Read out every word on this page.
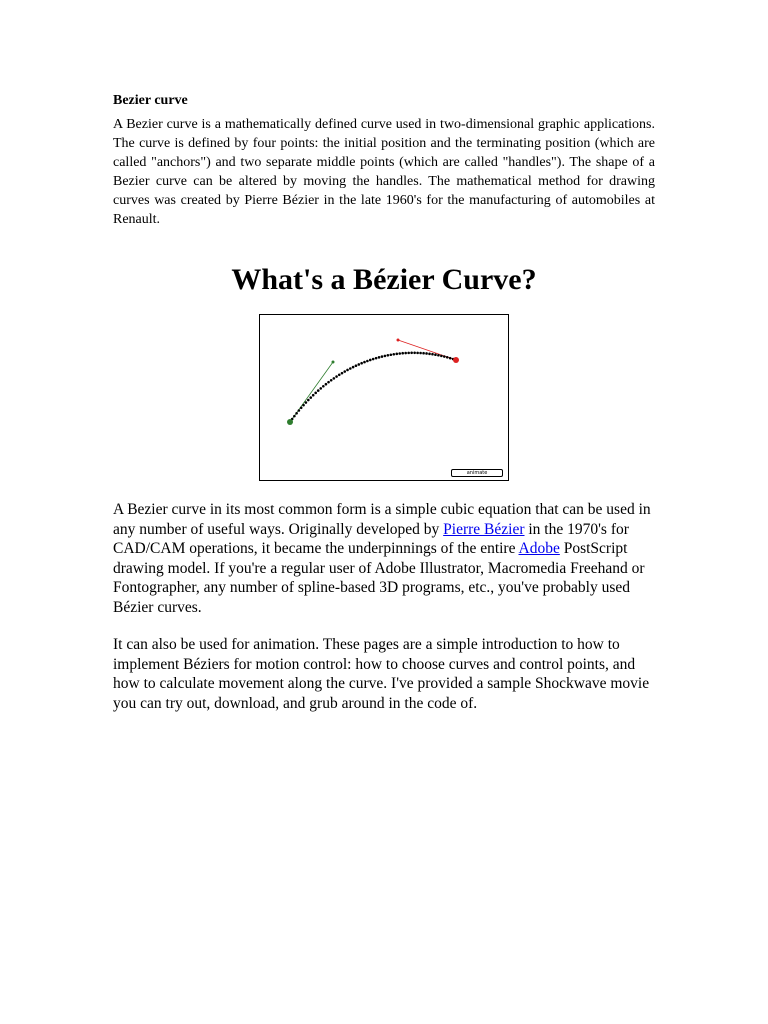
Bezier curve

A Bezier curve is a mathematically defined curve used in two-dimensional graphic applications. The curve is defined by four points: the initial position and the terminating position (which are called "anchors") and two separate middle points (which are called "handles"). The shape of a Bezier curve can be altered by moving the handles. The mathematical method for drawing curves was created by Pierre Bézier in the late 1960's for the manufacturing of automobiles at Renault.

What's a Bézier Curve?
animate

A Bezier curve in its most common form is a simple cubic equation that can be used in any number of useful ways. Originally developed by Pierre Bézier in the 1970's for CAD/CAM operations, it became the underpinnings of the entire Adobe PostScript drawing model. If you're a regular user of Adobe Illustrator, Macromedia Freehand or Fontographer, any number of spline-based 3D programs, etc., you've probably used Bézier curves.

It can also be used for animation. These pages are a simple introduction to how to implement Béziers for motion control: how to choose curves and control points, and how to calculate movement along the curve. I've provided a sample Shockwave movie you can try out, download, and grub around in the code of.
